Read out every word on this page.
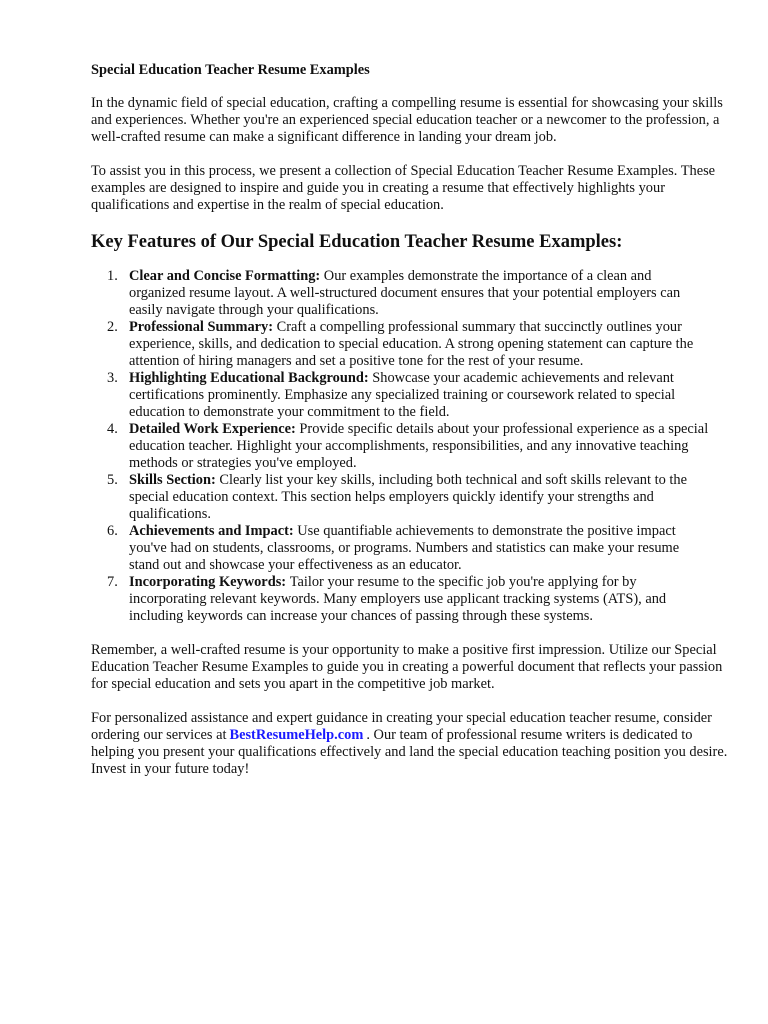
Special Education Teacher Resume Examples

In the dynamic field of special education, crafting a compelling resume is essential for showcasing your skills and experiences. Whether you're an experienced special education teacher or a newcomer to the profession, a well-crafted resume can make a significant difference in landing your dream job.

To assist you in this process, we present a collection of Special Education Teacher Resume Examples. These examples are designed to inspire and guide you in creating a resume that effectively highlights your qualifications and expertise in the realm of special education.

Key Features of Our Special Education Teacher Resume Examples:
1. Clear and Concise Formatting: Our examples demonstrate the importance of a clean and organized resume layout. A well-structured document ensures that your potential employers can easily navigate through your qualifications.
2. Professional Summary: Craft a compelling professional summary that succinctly outlines your experience, skills, and dedication to special education. A strong opening statement can capture the attention of hiring managers and set a positive tone for the rest of your resume.
3. Highlighting Educational Background: Showcase your academic achievements and relevant certifications prominently. Emphasize any specialized training or coursework related to special education to demonstrate your commitment to the field.
4. Detailed Work Experience: Provide specific details about your professional experience as a special education teacher. Highlight your accomplishments, responsibilities, and any innovative teaching methods or strategies you've employed.
5. Skills Section: Clearly list your key skills, including both technical and soft skills relevant to the special education context. This section helps employers quickly identify your strengths and qualifications.
6. Achievements and Impact: Use quantifiable achievements to demonstrate the positive impact you've had on students, classrooms, or programs. Numbers and statistics can make your resume stand out and showcase your effectiveness as an educator.
7. Incorporating Keywords: Tailor your resume to the specific job you're applying for by incorporating relevant keywords. Many employers use applicant tracking systems (ATS), and including keywords can increase your chances of passing through these systems.

Remember, a well-crafted resume is your opportunity to make a positive first impression. Utilize our Special Education Teacher Resume Examples to guide you in creating a powerful document that reflects your passion for special education and sets you apart in the competitive job market.

For personalized assistance and expert guidance in creating your special education teacher resume, consider ordering our services at BestResumeHelp.com . Our team of professional resume writers is dedicated to helping you present your qualifications effectively and land the special education teaching position you desire. Invest in your future today!
